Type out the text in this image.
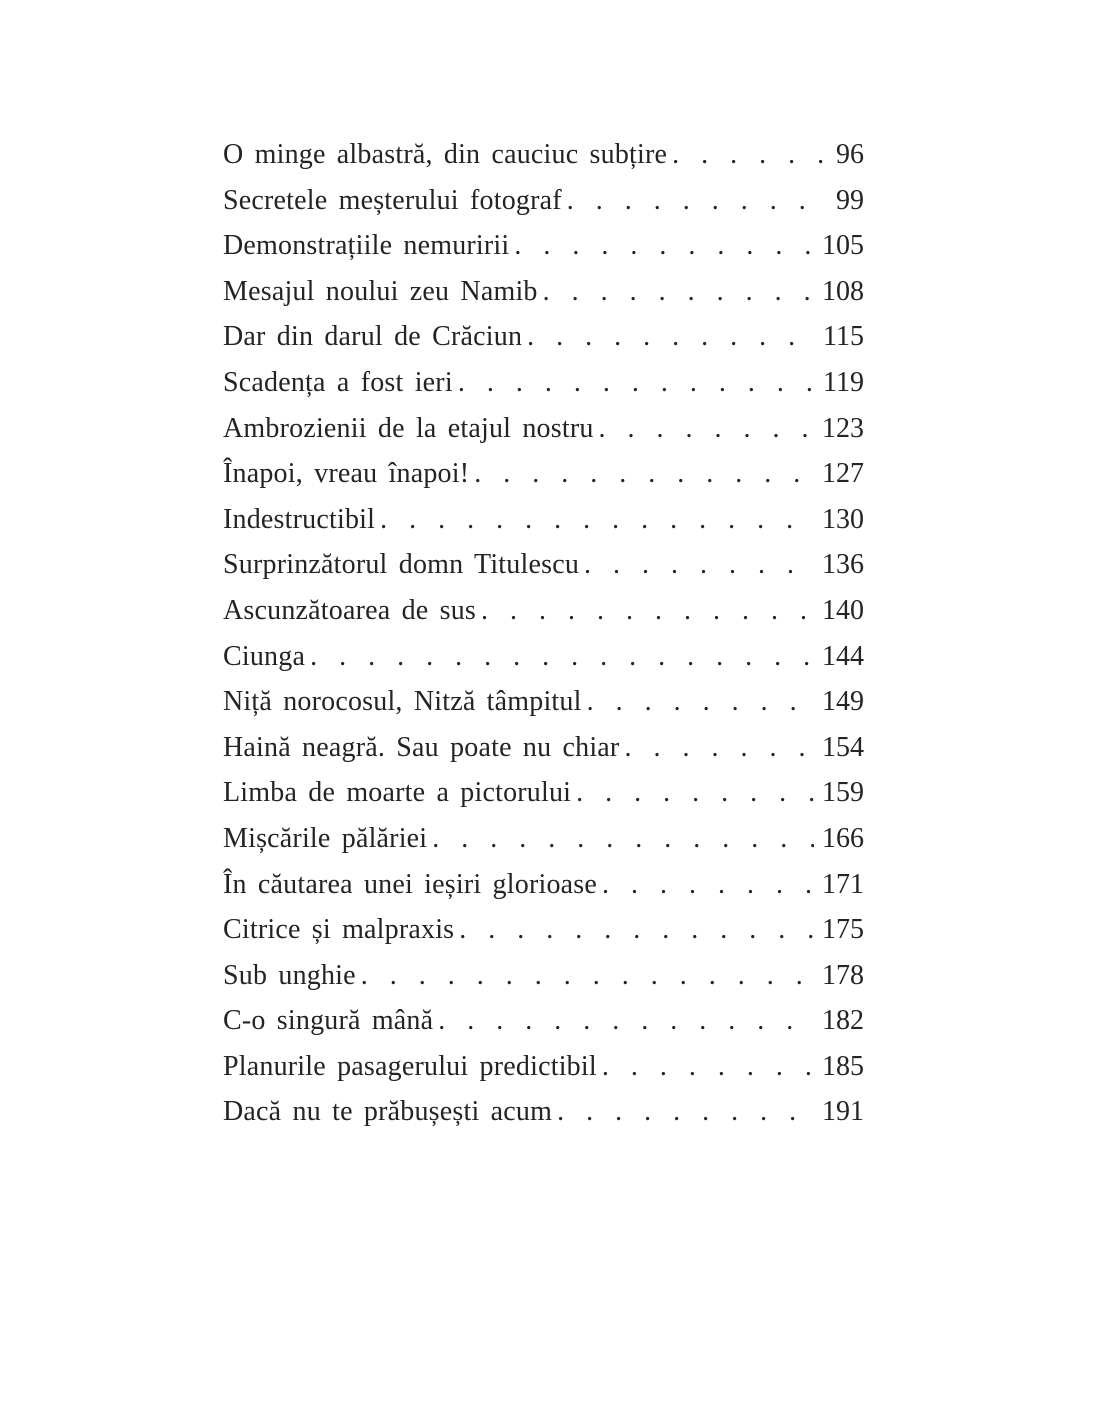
O minge albastră, din cauciuc subțire .....	96
Secretele meșterului fotograf .....	99
Demonstrațiile nemuririi .....	105
Mesajul noului zeu Namib .....	108
Dar din darul de Crăciun .....	115
Scadența a fost ieri .....	119
Ambrozienii de la etajul nostru .....	123
Înapoi, vreau înapoi! .....	127
Indestructibil .....	130
Surprinzătorul domn Titulescu .....	136
Ascunzătoarea de sus .....	140
Ciunga .....	144
Niță norocosul, Nitză tâmpitul .....	149
Haină neagră. Sau poate nu chiar .....	154
Limba de moarte a pictorului .....	159
Mișcările pălăriei .....	166
În căutarea unei ieșiri glorioase .....	171
Citrice și malpraxis .....	175
Sub unghie .....	178
C-o singură mână .....	182
Planurile pasagerului predictibil .....	185
Dacă nu te prăbușești acum .....	191
